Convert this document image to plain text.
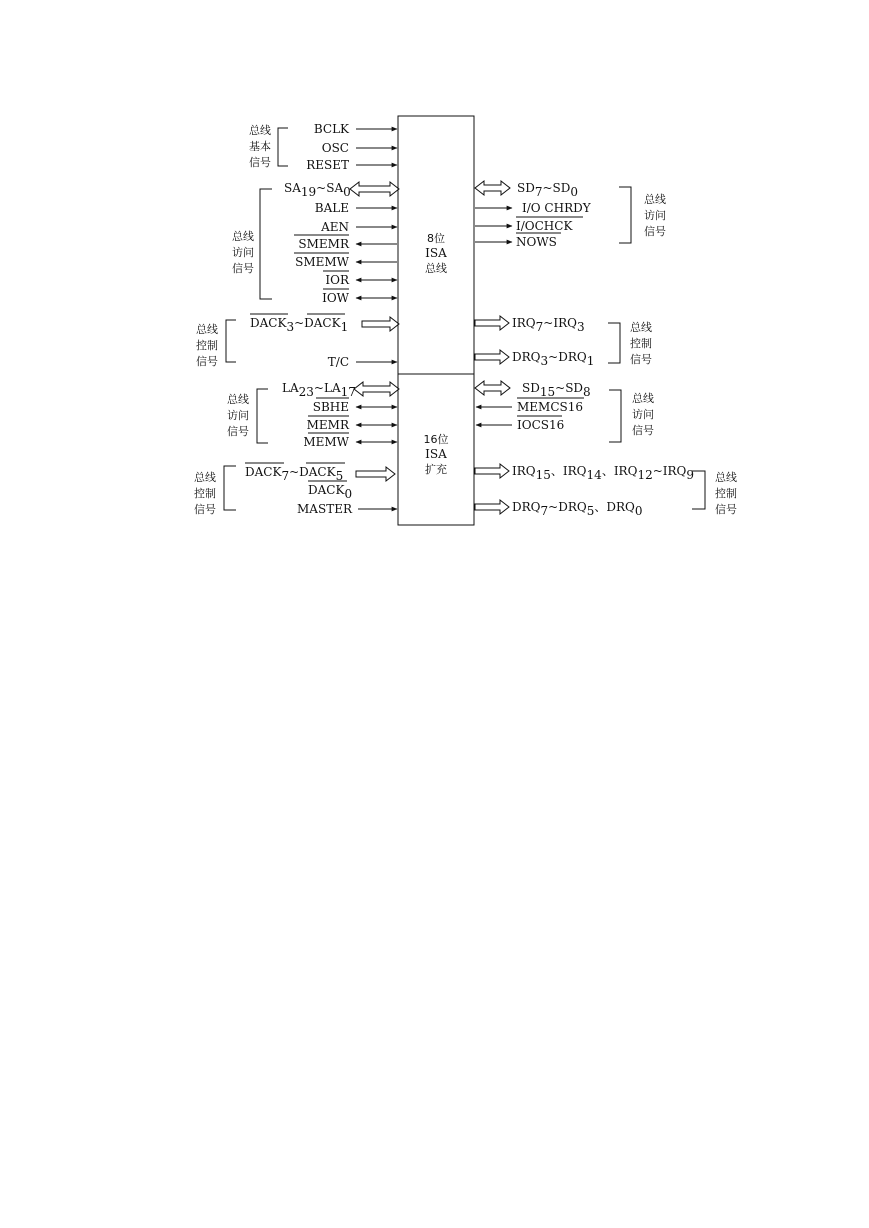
8位
ISA
总线
16位
ISA
扩充
总线
基本
信号
BCLK
OSC
RESET
总线
访问
信号
SA19~SA0
BALE
AEN
SMEMR
SMEMW
IOR
IOW
总线
控制
信号
DACK3~DACK1
T/C
总线
访问
信号
LA23~LA17
SBHE
MEMR
MEMW
总线
控制
信号
DACK7~DACK5
DACK0
MASTER
SD7~SD0
I/O CHRDY
I/OCHCK
NOWS
总线
访问
信号
IRQ7~IRQ3
DRQ3~DRQ1
总线
控制
信号
SD15~SD8
MEMCS16
IOCS16
总线
访问
信号
IRQ15、IRQ14、IRQ12~IRQ9
DRQ7~DRQ5、DRQ0
总线
控制
信号
